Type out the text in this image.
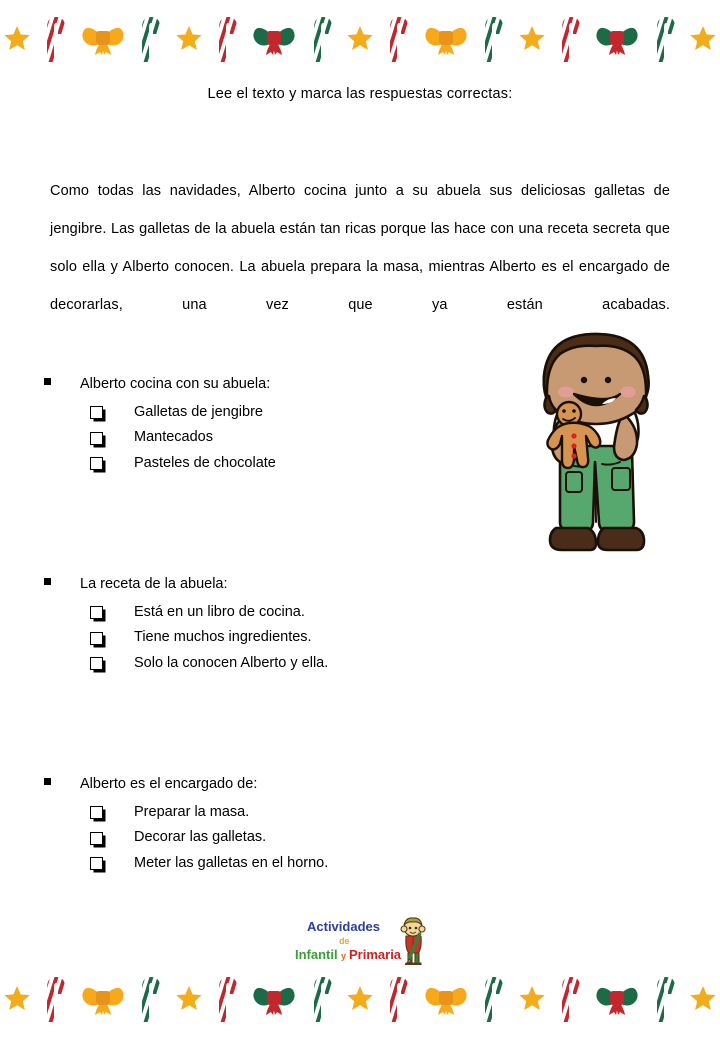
Lee el texto y marca las respuestas correctas:
Como todas las navidades, Alberto cocina junto a su abuela sus deliciosas galletas de jengibre. Las galletas de la abuela están tan ricas porque las hace con una receta secreta que solo ella y Alberto conocen. La abuela prepara la masa, mientras Alberto es el encargado de decorarlas, una vez que ya están acabadas.
Alberto cocina con su abuela:
Galletas de jengibre
Mantecados
Pasteles de chocolate
La receta de la abuela:
Está en un libro de cocina.
Tiene muchos ingredientes.
Solo la conocen Alberto y ella.
Alberto es el encargado de:
Preparar la masa.
Decorar las galletas.
Meter las galletas en el horno.
Actividades
de
Infantil y Primaria
